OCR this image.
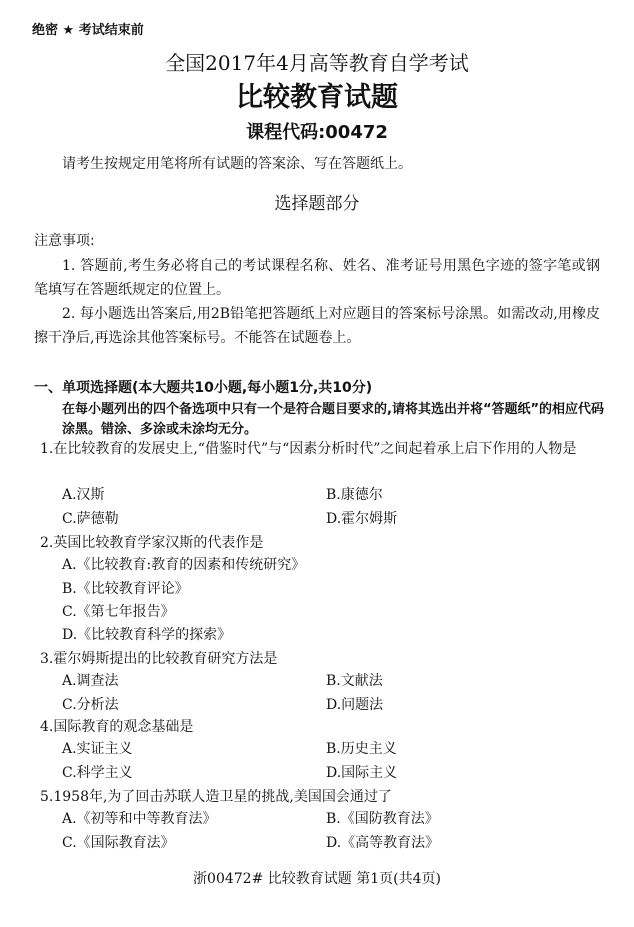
绝密 ★ 考试结束前
全国2017年4月高等教育自学考试
比较教育试题
课程代码:00472
请考生按规定用笔将所有试题的答案涂、写在答题纸上。
选择题部分
注意事项:
1. 答题前,考生务必将自己的考试课程名称、姓名、准考证号用黑色字迹的签字笔或钢笔填写在答题纸规定的位置上。
2. 每小题选出答案后,用2B铅笔把答题纸上对应题目的答案标号涂黑。如需改动,用橡皮擦干净后,再选涂其他答案标号。不能答在试题卷上。
一、单项选择题(本大题共10小题,每小题1分,共10分)
在每小题列出的四个备选项中只有一个是符合题目要求的,请将其选出并将“答题纸”的相应代码涂黑。错涂、多涂或未涂均无分。
1.在比较教育的发展史上,“借鉴时代”与“因素分析时代”之间起着承上启下作用的人物是
A.汉斯	B.康德尔
C.萨德勒	D.霍尔姆斯
2.英国比较教育学家汉斯的代表作是
A.《比较教育:教育的因素和传统研究》
B.《比较教育评论》
C.《第七年报告》
D.《比较教育科学的探索》
3.霍尔姆斯提出的比较教育研究方法是
A.调查法	B.文献法
C.分析法	D.问题法
4.国际教育的观念基础是
A.实证主义	B.历史主义
C.科学主义	D.国际主义
5.1958年,为了回击苏联人造卫星的挑战,美国国会通过了
A.《初等和中等教育法》	B.《国防教育法》
C.《国际教育法》	D.《高等教育法》
浙00472# 比较教育试题 第1页(共4页)
